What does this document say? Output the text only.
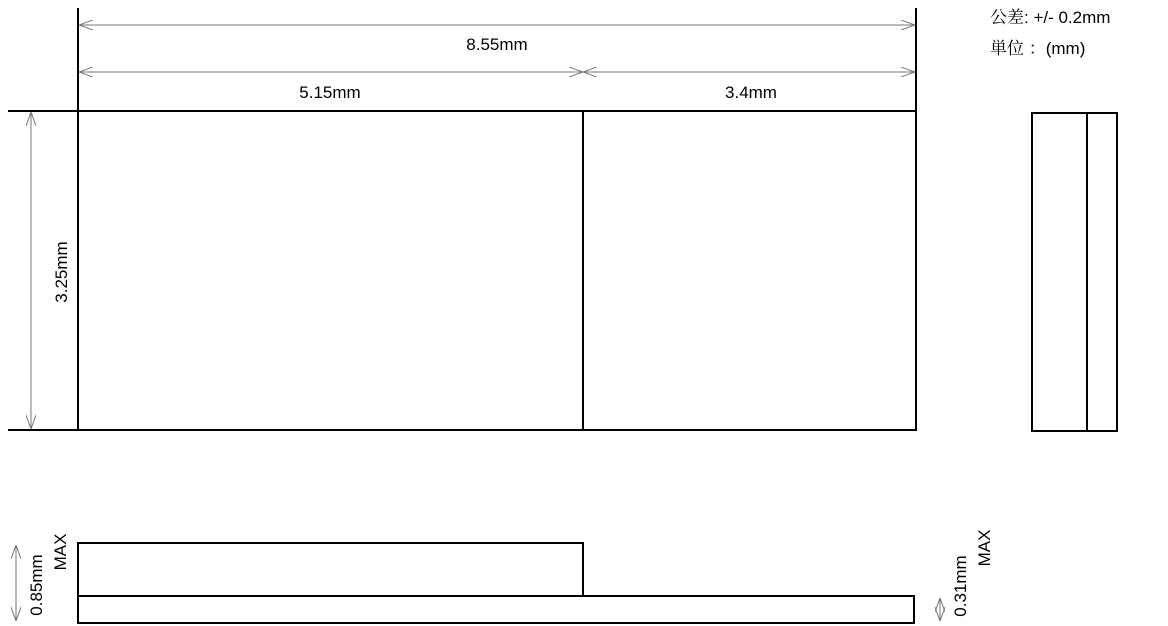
公差: +/- 0.2mm
単位 ：(mm)
8.55mm
5.15mm	3.4mm
3.25mm
0.85mm
MAX
0.31mm
MAX
